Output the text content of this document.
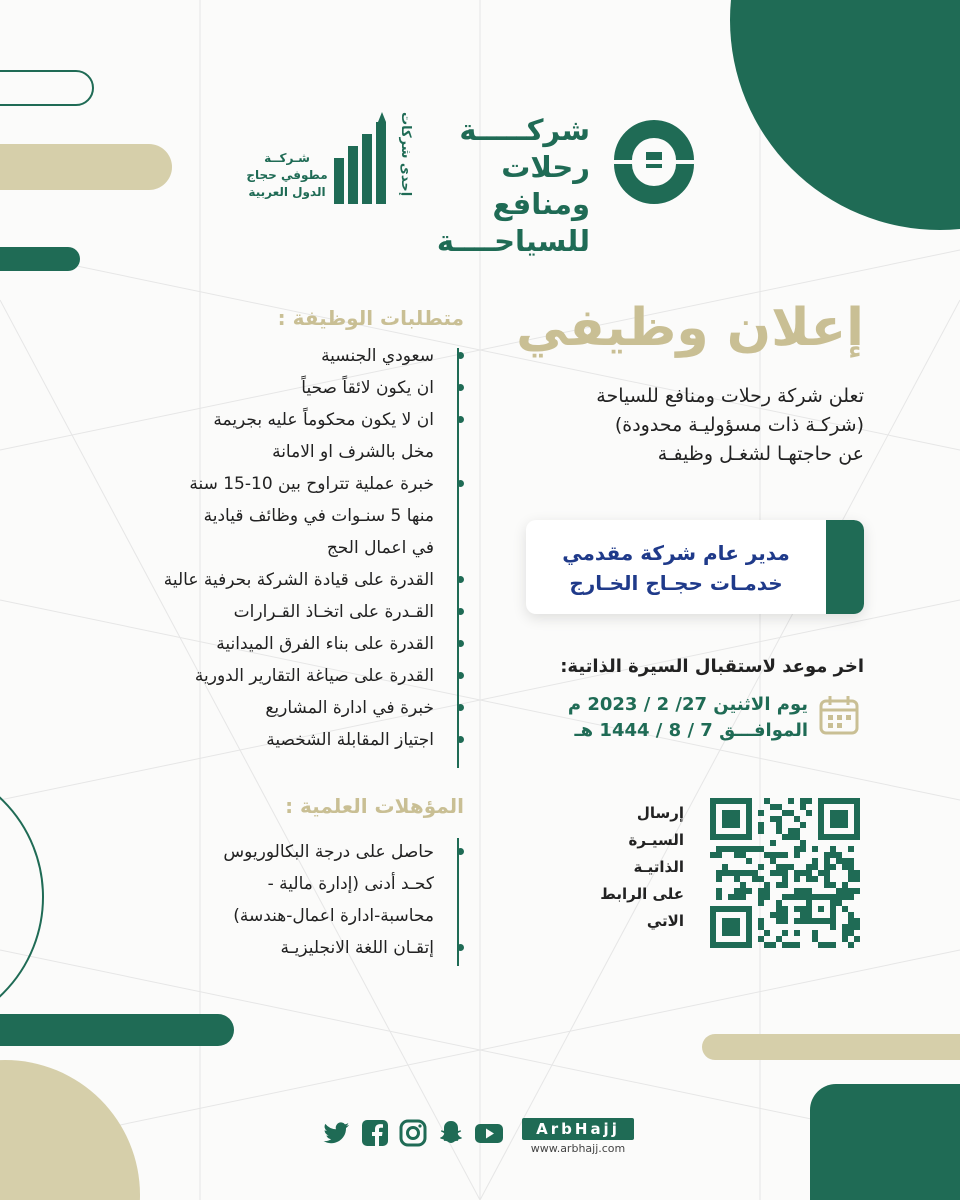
شركـــــة
رحلات ومنافع
للسياحــــة
إحدى شركات
شـركــة
مطوفي حجاج
الدول العربية
إعلان وظيفي
تعلن شركة رحلات ومنافع للسياحة
(شركـة ذات مسؤوليـة محدودة)
عن حاجتهـا لشغـل وظيفـة
مدير عام شركة مقدمي
خدمـات حجـاج الخـارج
اخر موعد لاستقبال السيرة الذاتية:
يوم الاثنين 27/ 2 / 2023 م
الموافـــق 7 / 8 / 1444 هـ
إرسال
السيـرة
الذاتيـة
على الرابط
الاتي
متطلبات الوظيفة :
سعودي الجنسية
ان يكون لائقاً صحياً
ان لا يكون محكوماً عليه بجريمة
مخل بالشرف او الامانة
خبرة عملية تتراوح بين 10-15 سنة
منها 5 سنـوات في وظائف قيادية
في اعمال الحج
القدرة على قيادة الشركة بحرفية عالية
القـدرة على اتخـاذ القـرارات
القدرة على بناء الفرق الميدانية
القدرة على صياغة التقارير الدورية
خبرة في ادارة المشاريع
اجتياز المقابلة الشخصية
المؤهلات العلمية :
حاصل على درجة البكالوريوس
كحـد أدنى (إدارة مالية -
محاسبة-ادارة اعمال-هندسة)
إتقـان اللغة الانجليزيـة
ArbHajj
www.arbhajj.com
